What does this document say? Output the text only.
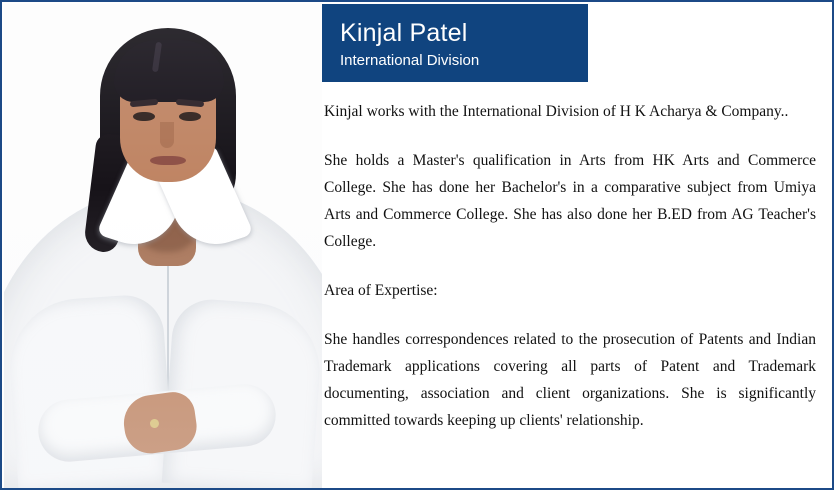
Kinjal Patel
International Division

Kinjal works with the International Division of H K Acharya & Company..

She holds a Master's qualification in Arts from HK Arts and Commerce College. She has done her Bachelor's in a comparative subject from Umiya Arts and Commerce College. She has also done her B.ED from AG Teacher's College.

Area of Expertise:

She handles correspondences related to the prosecution of Patents and Indian Trademark applications covering all parts of Patent and Trademark documenting, association and client organizations. She is significantly committed towards keeping up clients' relationship.
